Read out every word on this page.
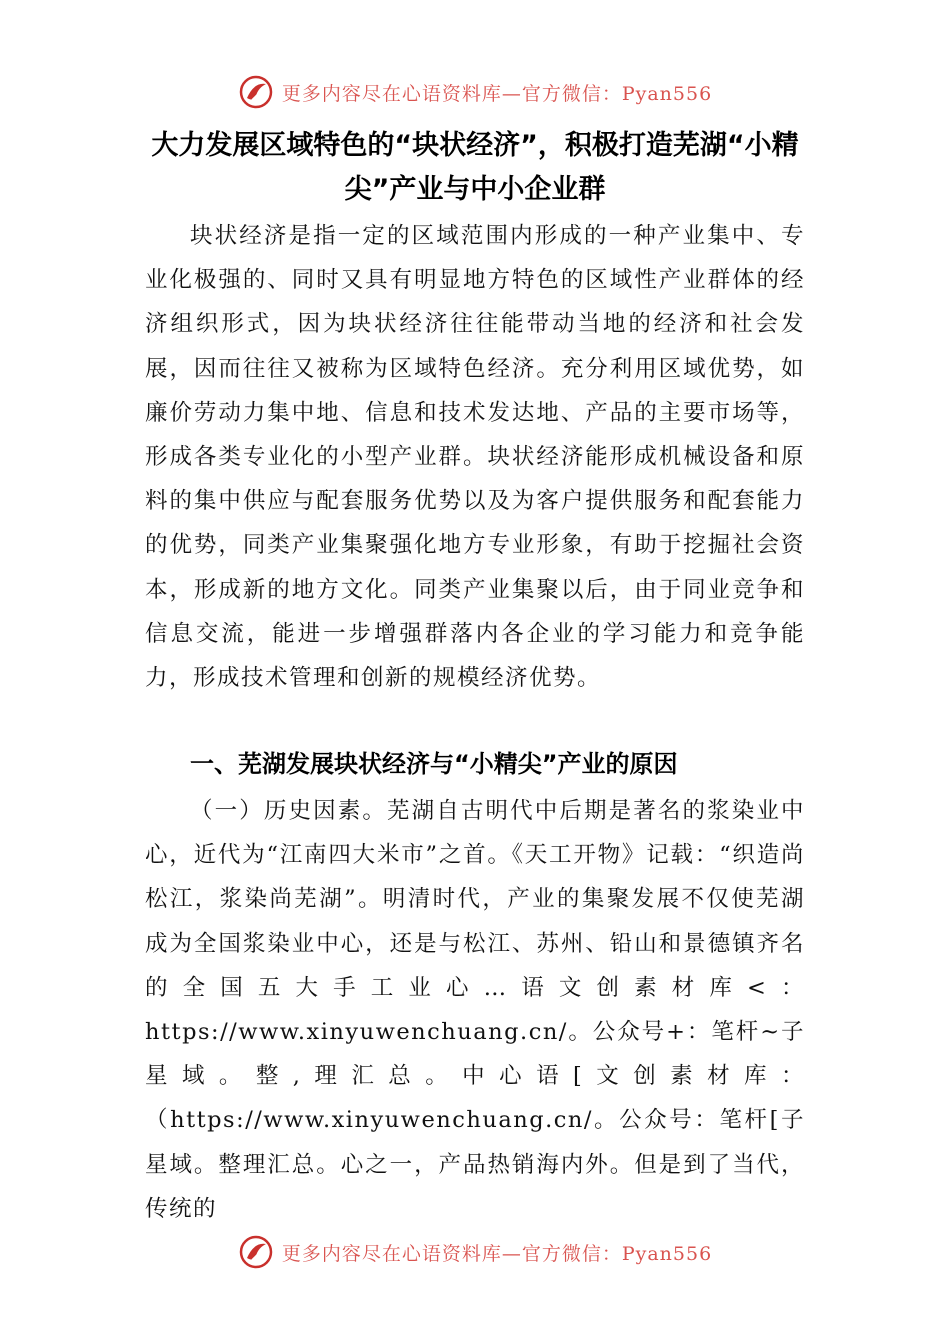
更多内容尽在心语资料库—官方微信：Pyan556
大力发展区域特色的“块状经济”，积极打造芜湖“小精尖”产业与中小企业群
块状经济是指一定的区域范围内形成的一种产业集中、专业化极强的、同时又具有明显地方特色的区域性产业群体的经济组织形式，因为块状经济往往能带动当地的经济和社会发展，因而往往又被称为区域特色经济。充分利用区域优势，如廉价劳动力集中地、信息和技术发达地、产品的主要市场等，形成各类专业化的小型产业群。块状经济能形成机械设备和原料的集中供应与配套服务优势以及为客户提供服务和配套能力的优势，同类产业集聚强化地方专业形象，有助于挖掘社会资本，形成新的地方文化。同类产业集聚以后，由于同业竞争和信息交流，能进一步增强群落内各企业的学习能力和竞争能力，形成技术管理和创新的规模经济优势。
一、芜湖发展块状经济与“小精尖”产业的原因
（一）历史因素。芜湖自古明代中后期是著名的浆染业中心，近代为“江南四大米市”之首。《天工开物》记载：“织造尚松江，浆染尚芜湖”。明清时代，产业的集聚发展不仅使芜湖成为全国浆染业中心，还是与松江、苏州、铅山和景德镇齐名的全国五大手工业心…语文创素材库<：https://www.xinyuwenchuang.cn/。公众号+：笔杆~子星域。整,理汇总。中心语[文创素材库：（https://www.xinyuwenchuang.cn/。公众号：笔杆[子星域。整理汇总。心之一，产品热销海内外。但是到了当代，传统的
更多内容尽在心语资料库—官方微信：Pyan556
